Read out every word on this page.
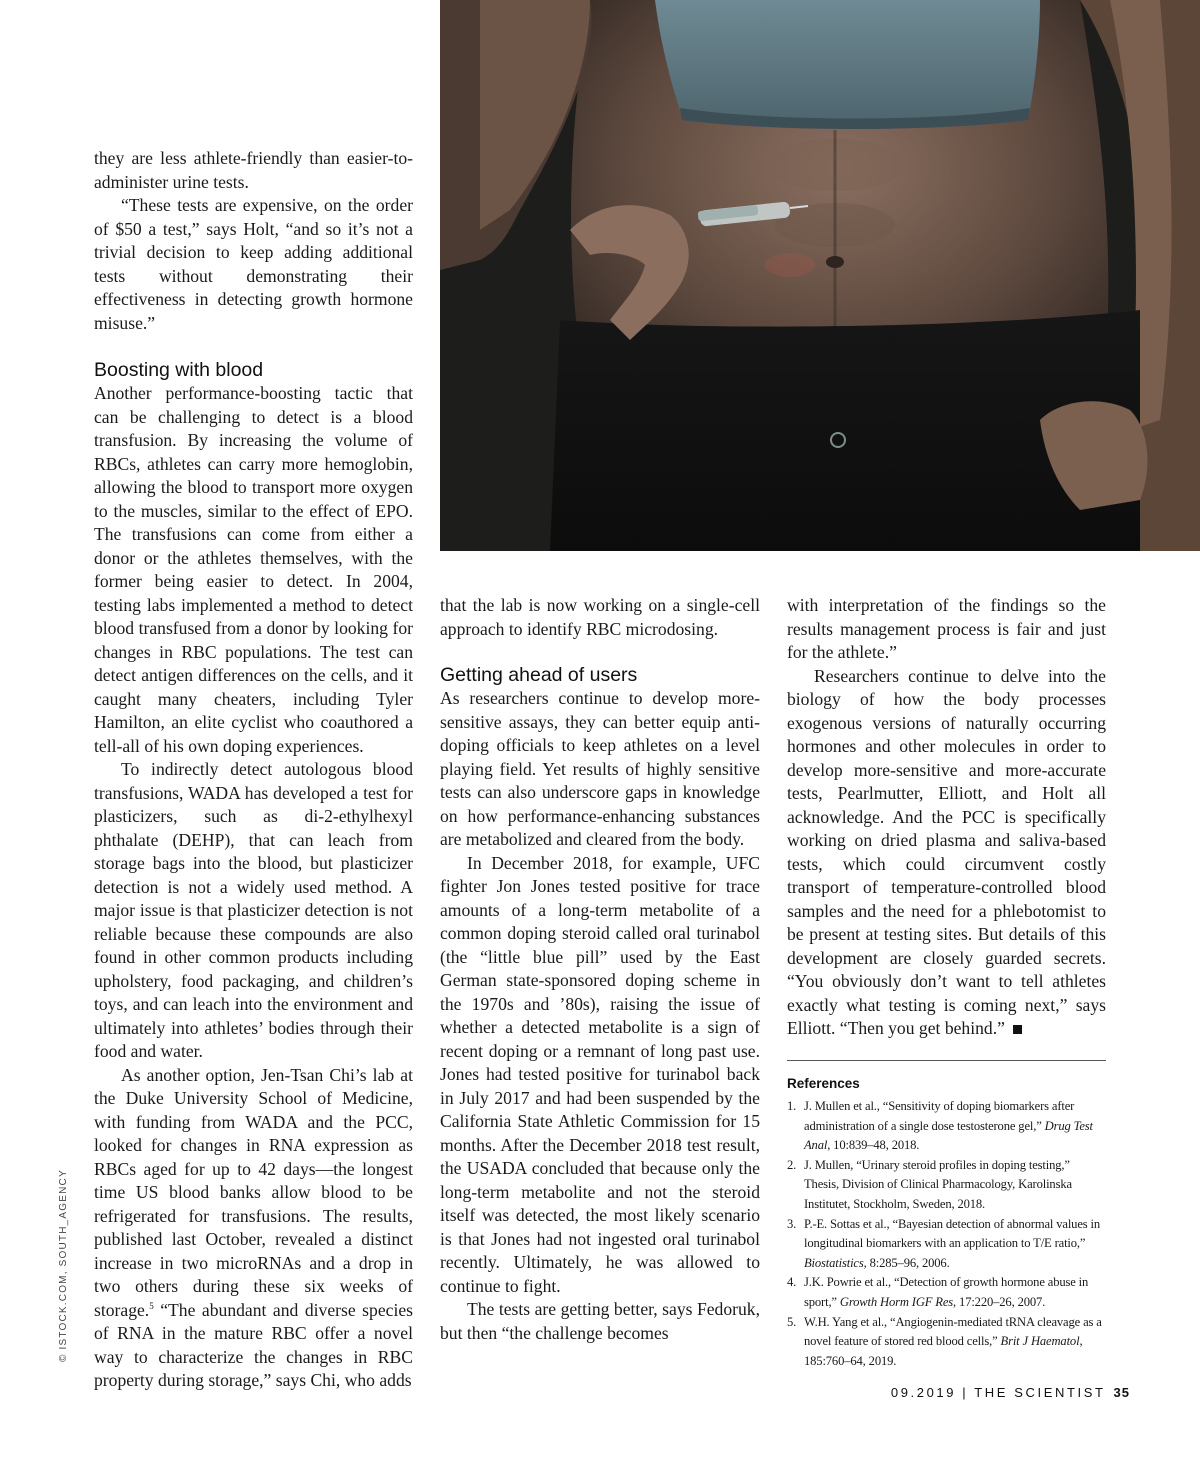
they are less athlete-friendly than easier-to-administer urine tests.

“These tests are expensive, on the order of $50 a test,” says Holt, “and so it’s not a trivial decision to keep adding additional tests without demonstrating their effectiveness in detecting growth hormone misuse.”

Boosting with blood

Another performance-boosting tactic that can be challenging to detect is a blood transfusion. By increasing the volume of RBCs, athletes can carry more hemoglobin, allowing the blood to transport more oxygen to the muscles, similar to the effect of EPO. The transfusions can come from either a donor or the athletes themselves, with the former being easier to detect. In 2004, testing labs implemented a method to detect blood transfused from a donor by looking for changes in RBC populations. The test can detect antigen differences on the cells, and it caught many cheaters, including Tyler Hamilton, an elite cyclist who coauthored a tell-all of his own doping experiences.

To indirectly detect autologous blood transfusions, WADA has developed a test for plasticizers, such as di-2-ethylhexyl phthalate (DEHP), that can leach from storage bags into the blood, but plasticizer detection is not a widely used method. A major issue is that plasticizer detection is not reliable because these compounds are also found in other common products including upholstery, food packaging, and children’s toys, and can leach into the environment and ultimately into athletes’ bodies through their food and water.

As another option, Jen-Tsan Chi’s lab at the Duke University School of Medicine, with funding from WADA and the PCC, looked for changes in RNA expression as RBCs aged for up to 42 days—the longest time US blood banks allow blood to be refrigerated for transfusions. The results, published last October, revealed a distinct increase in two microRNAs and a drop in two others during these six weeks of storage.$^5$ “The abundant and diverse species of RNA in the mature RBC offer a novel way to characterize the changes in RBC property during storage,” says Chi, who adds

that the lab is now working on a single-cell approach to identify RBC microdosing.

Getting ahead of users

As researchers continue to develop more-sensitive assays, they can better equip anti-doping officials to keep athletes on a level playing field. Yet results of highly sensitive tests can also underscore gaps in knowledge on how performance-enhancing substances are metabolized and cleared from the body.

In December 2018, for example, UFC fighter Jon Jones tested positive for trace amounts of a long-term metabolite of a common doping steroid called oral turinabol (the “little blue pill” used by the East German state-sponsored doping scheme in the 1970s and ’80s), raising the issue of whether a detected metabolite is a sign of recent doping or a remnant of long past use. Jones had tested positive for turinabol back in July 2017 and had been suspended by the California State Athletic Commission for 15 months. After the December 2018 test result, the USADA concluded that because only the long-term metabolite and not the steroid itself was detected, the most likely scenario is that Jones had not ingested oral turinabol recently. Ultimately, he was allowed to continue to fight.

The tests are getting better, says Fedoruk, but then “the challenge becomes

with interpretation of the findings so the results management process is fair and just for the athlete.”

Researchers continue to delve into the biology of how the body processes exogenous versions of naturally occurring hormones and other molecules in order to develop more-sensitive and more-accurate tests, Pearlmutter, Elliott, and Holt all acknowledge. And the PCC is specifically working on dried plasma and saliva-based tests, which could circumvent costly transport of temperature-controlled blood samples and the need for a phlebotomist to be present at testing sites. But details of this development are closely guarded secrets. “You obviously don’t want to tell athletes exactly what testing is coming next,” says Elliott. “Then you get behind.”

References
1. J. Mullen et al., “Sensitivity of doping biomarkers after administration of a single dose testosterone gel,” Drug Test Anal, 10:839–48, 2018.
2. J. Mullen, “Urinary steroid profiles in doping testing,” Thesis, Division of Clinical Pharmacology, Karolinska Institutet, Stockholm, Sweden, 2018.
3. P.-E. Sottas et al., “Bayesian detection of abnormal values in longitudinal biomarkers with an application to T/E ratio,” Biostatistics, 8:285–96, 2006.
4. J.K. Powrie et al., “Detection of growth hormone abuse in sport,” Growth Horm IGF Res, 17:220–26, 2007.
5. W.H. Yang et al., “Angiogenin-mediated tRNA cleavage as a novel feature of stored red blood cells,” Brit J Haematol, 185:760–64, 2019.
© ISTOCK.COM, SOUTH_AGENCY
09.2019 | THE SCIENTIST 35
